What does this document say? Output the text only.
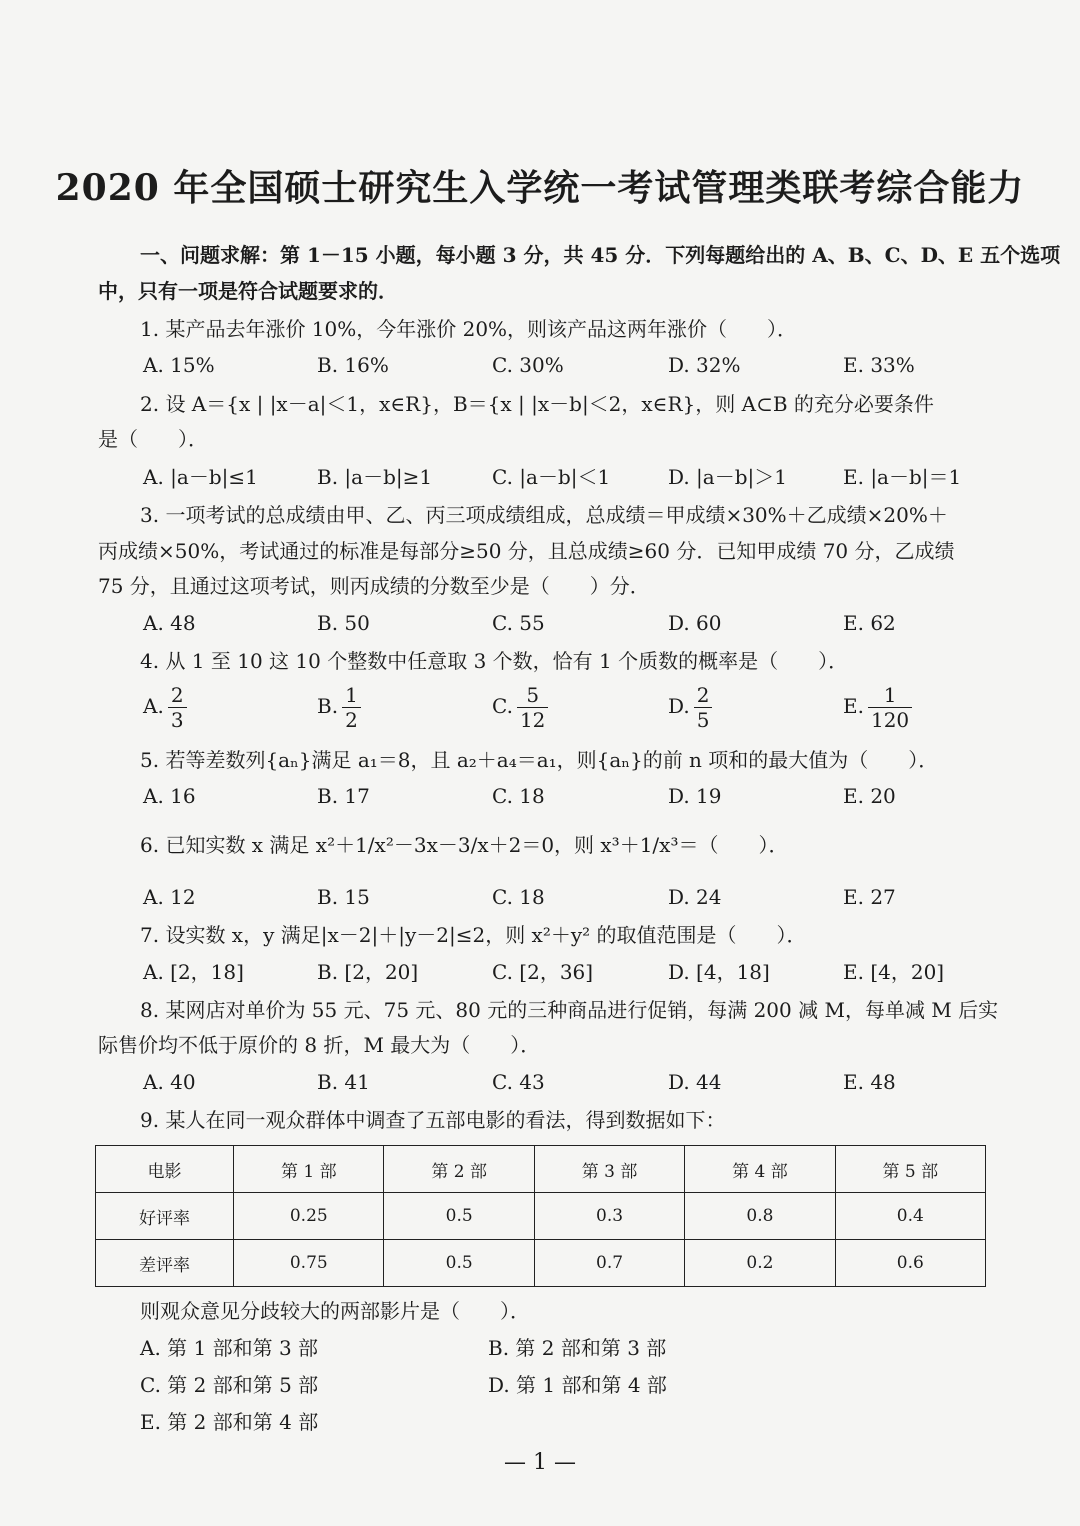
2020 年全国硕士研究生入学统一考试管理类联考综合能力
一、问题求解：第 1－15 小题，每小题 3 分，共 45 分．下列每题给出的 A、B、C、D、E 五个选项
中，只有一项是符合试题要求的．
1. 某产品去年涨价 10%，今年涨价 20%，则该产品这两年涨价（　　）．
A. 15%	B. 16%	C. 30%	D. 32%	E. 33%
2. 设 A＝{x | |x－a|＜1，x∈R}，B＝{x | |x－b|＜2，x∈R}，则 A⊂B 的充分必要条件
是（　　）．
A. |a－b|≤1	B. |a－b|≥1	C. |a－b|＜1	D. |a－b|＞1	E. |a－b|＝1
3. 一项考试的总成绩由甲、乙、丙三项成绩组成，总成绩＝甲成绩×30%＋乙成绩×20%＋
丙成绩×50%，考试通过的标准是每部分≥50 分，且总成绩≥60 分．已知甲成绩 70 分，乙成绩
75 分，且通过这项考试，则丙成绩的分数至少是（　　）分．
A. 48	B. 50	C. 55	D. 60	E. 62
4. 从 1 至 10 这 10 个整数中任意取 3 个数，恰有 1 个质数的概率是（　　）．
A. $\frac{2}{3}$	B. $\frac{1}{2}$	C. $\frac{5}{12}$	D. $\frac{2}{5}$	E. $\frac{1}{120}$
5. 若等差数列{aₙ}满足 a₁＝8，且 a₂＋a₄＝a₁，则{aₙ}的前 n 项和的最大值为（　　）．
A. 16	B. 17	C. 18	D. 19	E. 20
6. 已知实数 x 满足 x²＋1/x²－3x－3/x＋2＝0，则 x³＋1/x³＝（　　）．
A. 12	B. 15	C. 18	D. 24	E. 27
7. 设实数 x，y 满足|x－2|＋|y－2|≤2，则 x²＋y² 的取值范围是（　　）．
A. [2，18]	B. [2，20]	C. [2，36]	D. [4，18]	E. [4，20]
8. 某网店对单价为 55 元、75 元、80 元的三种商品进行促销，每满 200 减 M，每单减 M 后实
际售价均不低于原价的 8 折，M 最大为（　　）．
A. 40	B. 41	C. 43	D. 44	E. 48
9. 某人在同一观众群体中调查了五部电影的看法，得到数据如下：
电影	第 1 部	第 2 部	第 3 部	第 4 部	第 5 部
好评率	0.25	0.5	0.3	0.8	0.4
差评率	0.75	0.5	0.7	0.2	0.6
则观众意见分歧较大的两部影片是（　　）．
A. 第 1 部和第 3 部	B. 第 2 部和第 3 部
C. 第 2 部和第 5 部	D. 第 1 部和第 4 部
E. 第 2 部和第 4 部
— 1 —
